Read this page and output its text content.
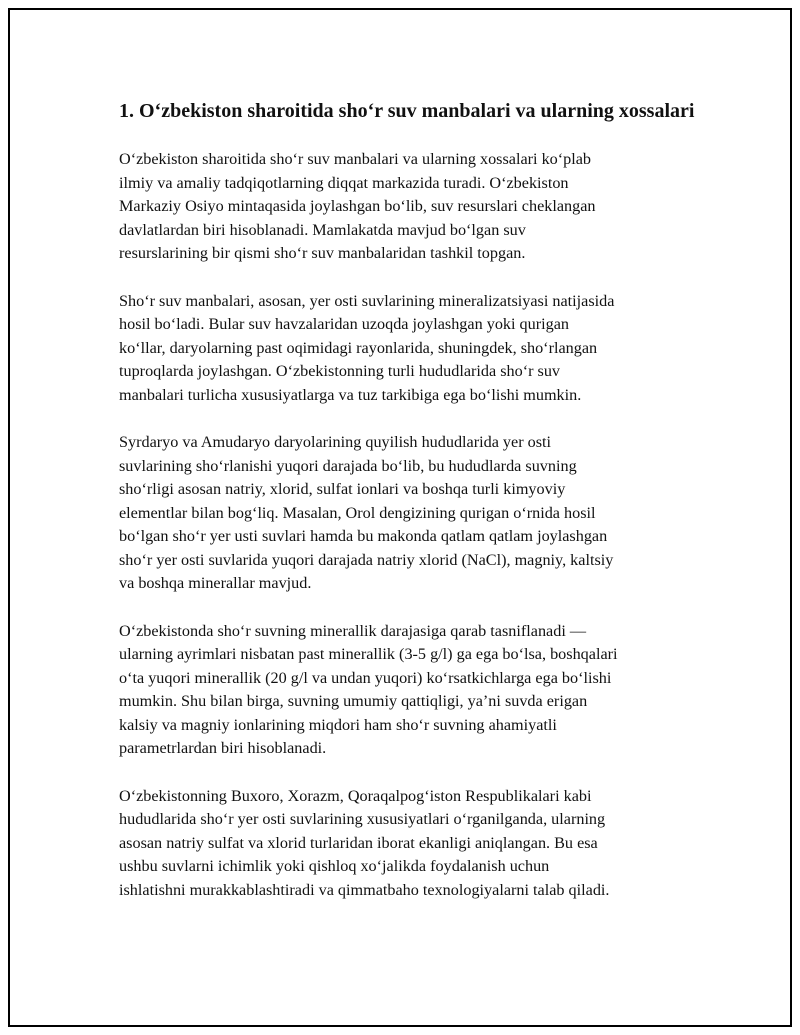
1. O‘zbekiston sharoitida sho‘r suv manbalari va ularning xossalari

O‘zbekiston sharoitida sho‘r suv manbalari va ularning xossalari ko‘plab
ilmiy va amaliy tadqiqotlarning diqqat markazida turadi. O‘zbekiston
Markaziy Osiyo mintaqasida joylashgan bo‘lib, suv resurslari cheklangan
davlatlardan biri hisoblanadi. Mamlakatda mavjud bo‘lgan suv
resurslarining bir qismi sho‘r suv manbalaridan tashkil topgan.

Sho‘r suv manbalari, asosan, yer osti suvlarining mineralizatsiyasi natijasida
hosil bo‘ladi. Bular suv havzalaridan uzoqda joylashgan yoki qurigan
ko‘llar, daryolarning past oqimidagi rayonlarida, shuningdek, sho‘rlangan
tuproqlarda joylashgan. O‘zbekistonning turli hududlarida sho‘r suv
manbalari turlicha xususiyatlarga va tuz tarkibiga ega bo‘lishi mumkin.

Syrdaryo va Amudaryo daryolarining quyilish hududlarida yer osti
suvlarining sho‘rlanishi yuqori darajada bo‘lib, bu hududlarda suvning
sho‘rligi asosan natriy, xlorid, sulfat ionlari va boshqa turli kimyoviy
elementlar bilan bog‘liq. Masalan, Orol dengizining qurigan o‘rnida hosil
bo‘lgan sho‘r yer usti suvlari hamda bu makonda qatlam qatlam joylashgan
sho‘r yer osti suvlarida yuqori darajada natriy xlorid (NaCl), magniy, kaltsiy
va boshqa minerallar mavjud.

O‘zbekistonda sho‘r suvning minerallik darajasiga qarab tasniflanadi —
ularning ayrimlari nisbatan past minerallik (3-5 g/l) ga ega bo‘lsa, boshqalari
o‘ta yuqori minerallik (20 g/l va undan yuqori) ko‘rsatkichlarga ega bo‘lishi
mumkin. Shu bilan birga, suvning umumiy qattiqligi, ya’ni suvda erigan
kalsiy va magniy ionlarining miqdori ham sho‘r suvning ahamiyatli
parametrlardan biri hisoblanadi.

O‘zbekistonning Buxoro, Xorazm, Qoraqalpog‘iston Respublikalari kabi
hududlarida sho‘r yer osti suvlarining xususiyatlari o‘rganilganda, ularning
asosan natriy sulfat va xlorid turlaridan iborat ekanligi aniqlangan. Bu esa
ushbu suvlarni ichimlik yoki qishloq xo‘jalikda foydalanish uchun
ishlatishni murakkablashtiradi va qimmatbaho texnologiyalarni talab qiladi.
